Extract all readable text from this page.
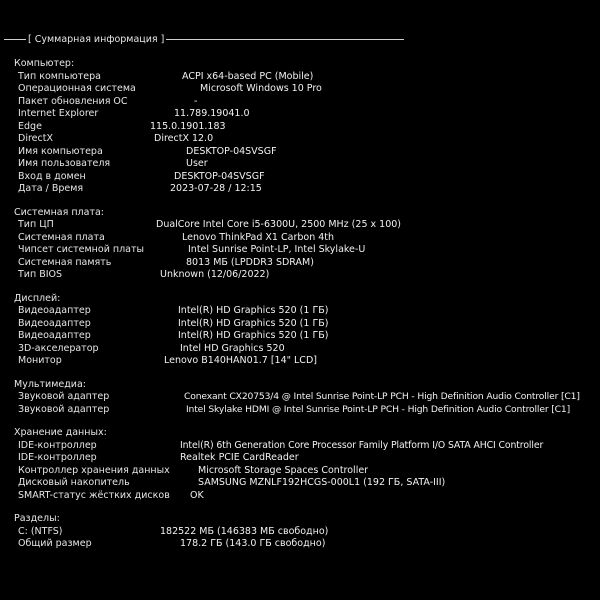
[ Суммарная информация ]
Компьютер:
Тип компьютера	ACPI x64-based PC (Mobile)
Операционная система	Microsoft Windows 10 Pro
Пакет обновления ОС	-
Internet Explorer	11.789.19041.0
Edge	115.0.1901.183
DirectX	DirectX 12.0
Имя компьютера	DESKTOP-04SVSGF
Имя пользователя	User
Вход в домен	DESKTOP-04SVSGF
Дата / Время	2023-07-28 / 12:15
Системная плата:
Тип ЦП	DualCore Intel Core i5-6300U, 2500 MHz (25 x 100)
Системная плата	Lenovo ThinkPad X1 Carbon 4th
Чипсет системной платы	Intel Sunrise Point-LP, Intel Skylake-U
Системная память	8013 МБ (LPDDR3 SDRAM)
Тип BIOS	Unknown (12/06/2022)
Дисплей:
Видеоадаптер	Intel(R) HD Graphics 520 (1 ГБ)
Видеоадаптер	Intel(R) HD Graphics 520 (1 ГБ)
Видеоадаптер	Intel(R) HD Graphics 520 (1 ГБ)
3D-акселератор	Intel HD Graphics 520
Монитор	Lenovo B140HAN01.7 [14" LCD]
Мультимедиа:
Звуковой адаптер	Conexant CX20753/4 @ Intel Sunrise Point-LP PCH - High Definition Audio Controller [C1]
Звуковой адаптер	Intel Skylake HDMI @ Intel Sunrise Point-LP PCH - High Definition Audio Controller [C1]
Хранение данных:
IDE-контроллер	Intel(R) 6th Generation Core Processor Family Platform I/O SATA AHCI Controller
IDE-контроллер	Realtek PCIE CardReader
Контроллер хранения данных	Microsoft Storage Spaces Controller
Дисковый накопитель	SAMSUNG MZNLF192HCGS-000L1 (192 ГБ, SATA-III)
SMART-статус жёстких дисков OK
Разделы:
C: (NTFS)	182522 МБ (146383 МБ свободно)
Общий размер	178.2 ГБ (143.0 ГБ свободно)
